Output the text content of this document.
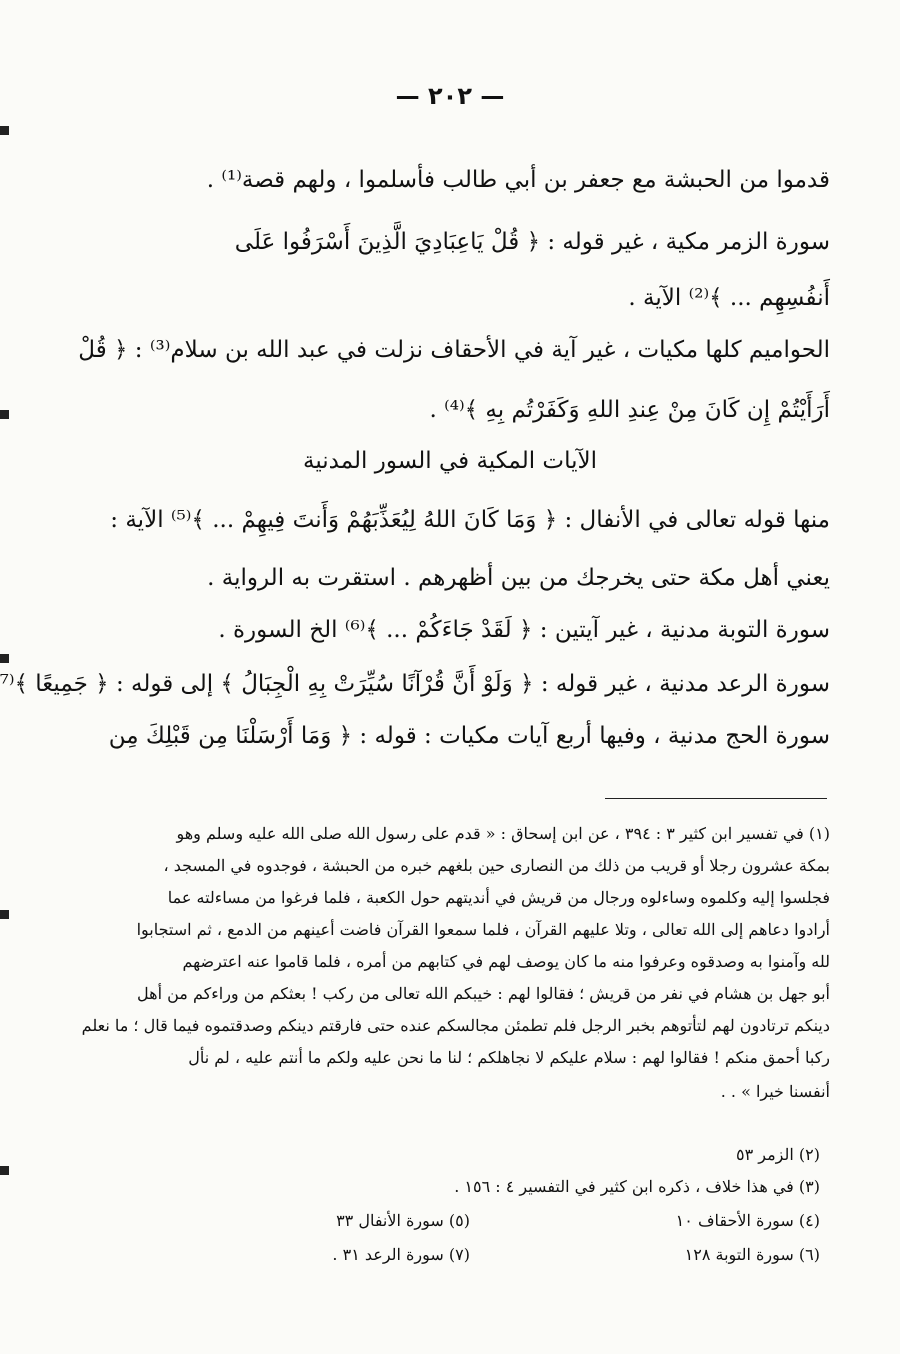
— ٢٠٢ —
قدموا من الحبشة مع جعفر بن أبي طالب فأسلموا ، ولهم قصة⁽¹⁾ .
سورة الزمر مكية ، غير قوله : ﴿ قُلْ يَاعِبَادِيَ الَّذِينَ أَسْرَفُوا عَلَى
أَنفُسِهِم ... ﴾⁽²⁾ الآية .
الحواميم كلها مكيات ، غير آية في الأحقاف نزلت في عبد الله بن سلام⁽³⁾ : ﴿ قُلْ
أَرَأَيْتُمْ إِن كَانَ مِنْ عِندِ اللهِ وَكَفَرْتُم بِهِ ﴾⁽⁴⁾ .
الآيات المكية في السور المدنية
منها قوله تعالى في الأنفال : ﴿ وَمَا كَانَ اللهُ لِيُعَذِّبَهُمْ وَأَنتَ فِيهِمْ ... ﴾⁽⁵⁾ الآية :
يعني أهل مكة حتى يخرجك من بين أظهرهم . استقرت به الرواية .
سورة التوبة مدنية ، غير آيتين : ﴿ لَقَدْ جَاءَكُمْ ... ﴾⁽⁶⁾ الخ السورة .
سورة الرعد مدنية ، غير قوله : ﴿ وَلَوْ أَنَّ قُرْآنًا سُيِّرَتْ بِهِ الْجِبَالُ ﴾ إلى قوله : ﴿ جَمِيعًا ﴾⁽⁷
سورة الحج مدنية ، وفيها أربع آيات مكيات : قوله : ﴿ وَمَا أَرْسَلْنَا مِن قَبْلِكَ مِن
(١) في تفسير ابن كثير ٣ : ٣٩٤ ، عن ابن إسحاق : « قدم على رسول الله صلى الله عليه وسلم وهو
بمكة عشرون رجلا أو قريب من ذلك من النصارى حين بلغهم خبره من الحبشة ، فوجدوه في المسجد ،
فجلسوا إليه وكلموه وساءلوه ورجال من قريش في أنديتهم حول الكعبة ، فلما فرغوا من مساءلته عما
أرادوا دعاهم إلى الله تعالى ، وتلا عليهم القرآن ، فلما سمعوا القرآن فاضت أعينهم من الدمع ، ثم استجابوا
لله وآمنوا به وصدقوه وعرفوا منه ما كان يوصف لهم في كتابهم من أمره ، فلما قاموا عنه اعترضهم
أبو جهل بن هشام في نفر من قريش ؛ فقالوا لهم : خيبكم الله تعالى من ركب ! بعثكم من وراءكم من أهل
دينكم ترتادون لهم لتأتوهم بخبر الرجل فلم تطمئن مجالسكم عنده حتى فارقتم دينكم وصدقتموه فيما قال ؛ ما نعلم
ركبا أحمق منكم ! فقالوا لهم : سلام عليكم لا نجاهلكم ؛ لنا ما نحن عليه ولكم ما أنتم عليه ، لم نأل
أنفسنا خيرا » . .
(٢) الزمر ٥٣
(٣) في هذا خلاف ، ذكره ابن كثير في التفسير ٤ : ١٥٦ .
(٤) سورة الأحقاف ١٠
(٥) سورة الأنفال ٣٣
(٦) سورة التوبة ١٢٨
(٧) سورة الرعد ٣١ .
